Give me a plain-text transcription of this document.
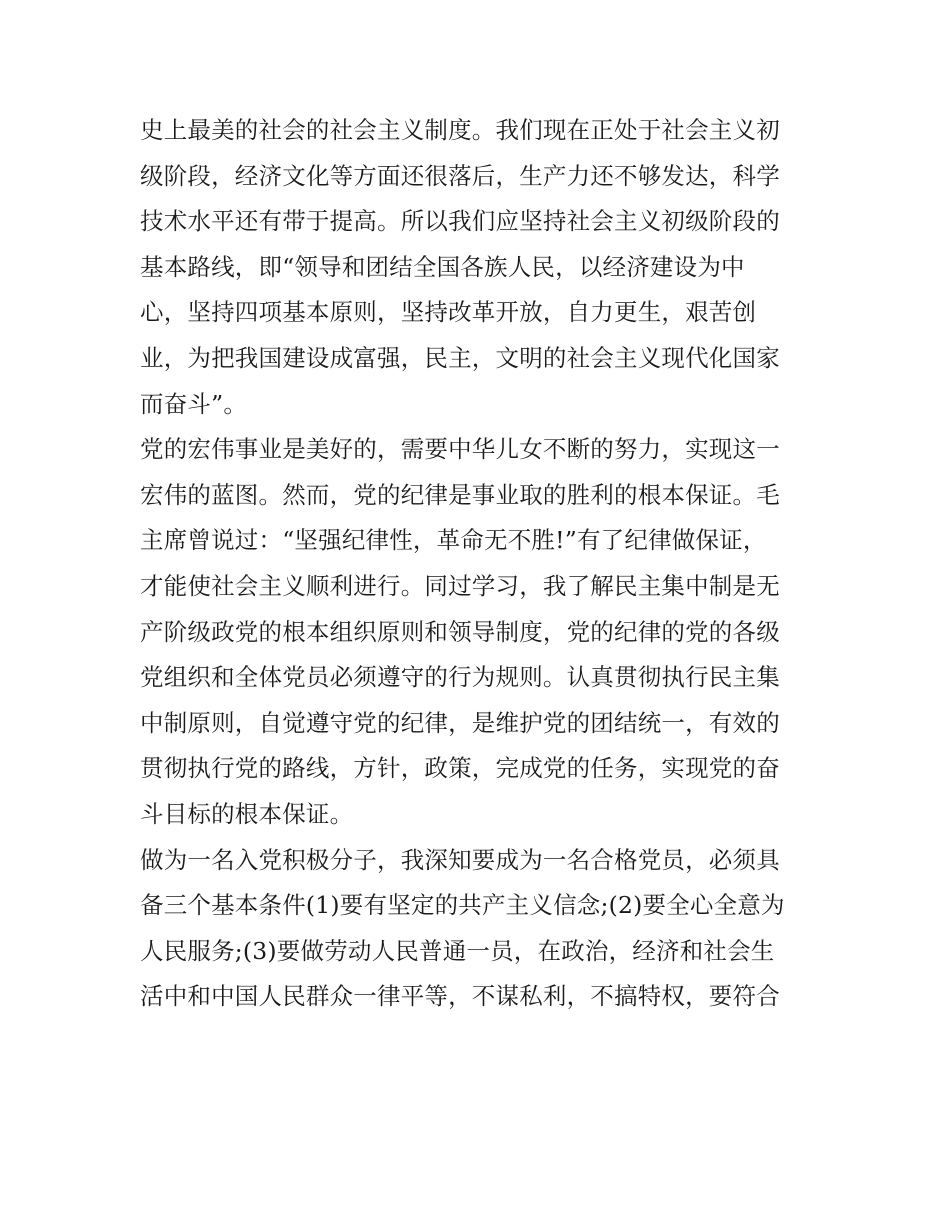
史上最美的社会的社会主义制度。我们现在正处于社会主义初
级阶段，经济文化等方面还很落后，生产力还不够发达，科学
技术水平还有带于提高。所以我们应坚持社会主义初级阶段的
基本路线，即“领导和团结全国各族人民，以经济建设为中
心，坚持四项基本原则，坚持改革开放，自力更生，艰苦创
业，为把我国建设成富强，民主，文明的社会主义现代化国家
而奋斗”。
党的宏伟事业是美好的，需要中华儿女不断的努力，实现这一
宏伟的蓝图。然而，党的纪律是事业取的胜利的根本保证。毛
主席曾说过：“坚强纪律性，革命无不胜!”有了纪律做保证，
才能使社会主义顺利进行。同过学习，我了解民主集中制是无
产阶级政党的根本组织原则和领导制度，党的纪律的党的各级
党组织和全体党员必须遵守的行为规则。认真贯彻执行民主集
中制原则，自觉遵守党的纪律，是维护党的团结统一，有效的
贯彻执行党的路线，方针，政策，完成党的任务，实现党的奋
斗目标的根本保证。
做为一名入党积极分子，我深知要成为一名合格党员，必须具
备三个基本条件(1)要有坚定的共产主义信念;(2)要全心全意为
人民服务;(3)要做劳动人民普通一员，在政治，经济和社会生
活中和中国人民群众一律平等，不谋私利，不搞特权，要符合
